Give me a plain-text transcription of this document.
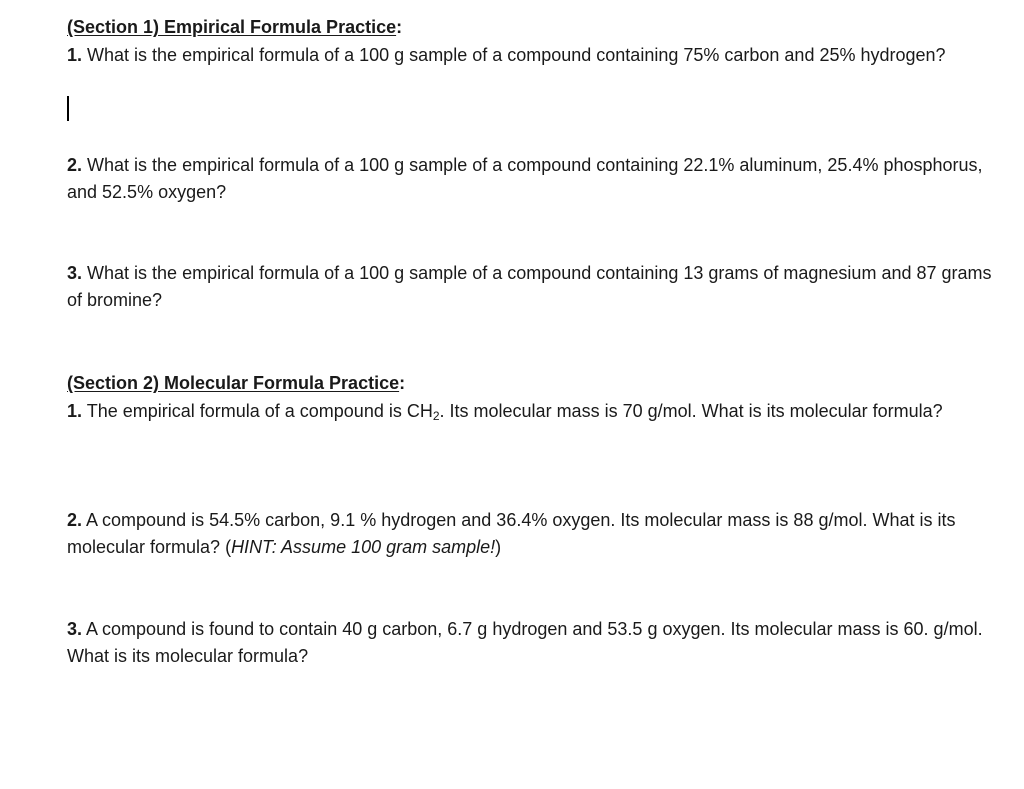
(Section 1) Empirical Formula Practice:
1. What is the empirical formula of a 100 g sample of a compound containing 75% carbon and 25% hydrogen?
2. What is the empirical formula of a 100 g sample of a compound containing 22.1% aluminum, 25.4% phosphorus, and 52.5% oxygen?
3. What is the empirical formula of a 100 g sample of a compound containing 13 grams of magnesium and 87 grams of bromine?
(Section 2) Molecular Formula Practice:
1. The empirical formula of a compound is $CH_2$. Its molecular mass is 70 g/mol. What is its molecular formula?
2. A compound is 54.5% carbon, 9.1 % hydrogen and 36.4% oxygen. Its molecular mass is 88 g/mol. What is its molecular formula? (HINT: Assume 100 gram sample!)
3. A compound is found to contain 40 g carbon, 6.7 g hydrogen and 53.5 g oxygen. Its molecular mass is 60. g/mol. What is its molecular formula?
